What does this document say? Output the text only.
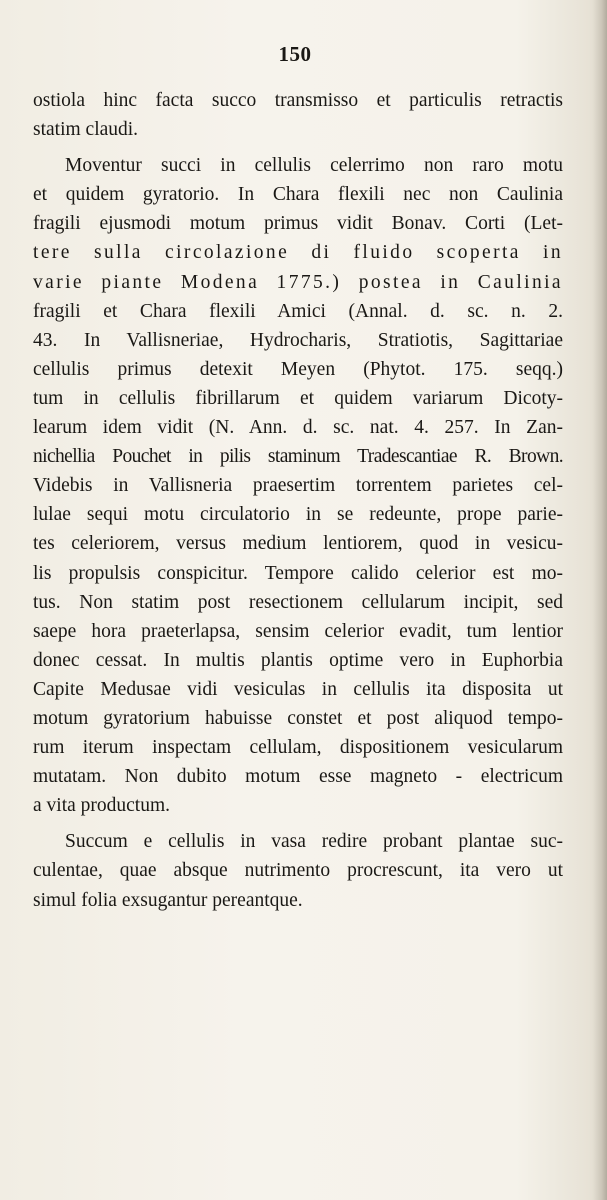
150

ostiola hinc facta succo transmisso et particulis retractis
statim claudi.

Moventur succi in cellulis celerrimo non raro motu
et quidem gyratorio. In Chara flexili nec non Caulinia
fragili ejusmodi motum primus vidit Bonav. Corti (Let-
tere sulla circolazione di fluido scoperta in
varie piante Modena 1775.) postea in Caulinia
fragili et Chara flexili Amici (Annal. d. sc. n. 2.
43. In Vallisneriae, Hydrocharis, Stratiotis, Sagittariae
cellulis primus detexit Meyen (Phytot. 175. seqq.)
tum in cellulis fibrillarum et quidem variarum Dicoty-
learum idem vidit (N. Ann. d. sc. nat. 4. 257. In Zan-
nichellia Pouchet in pilis staminum Tradescantiae R. Brown.
Videbis in Vallisneria praesertim torrentem parietes cel-
lulae sequi motu circulatorio in se redeunte, prope parie-
tes celeriorem, versus medium lentiorem, quod in vesicu-
lis propulsis conspicitur. Tempore calido celerior est mo-
tus. Non statim post resectionem cellularum incipit, sed
saepe hora praeterlapsa, sensim celerior evadit, tum lentior
donec cessat. In multis plantis optime vero in Euphorbia
Capite Medusae vidi vesiculas in cellulis ita disposita ut
motum gyratorium habuisse constet et post aliquod tempo-
rum iterum inspectam cellulam, dispositionem vesicularum
mutatam. Non dubito motum esse magneto - electricum
a vita productum.

Succum e cellulis in vasa redire probant plantae suc-
culentae, quae absque nutrimento procrescunt, ita vero ut
simul folia exsugantur pereantque.
